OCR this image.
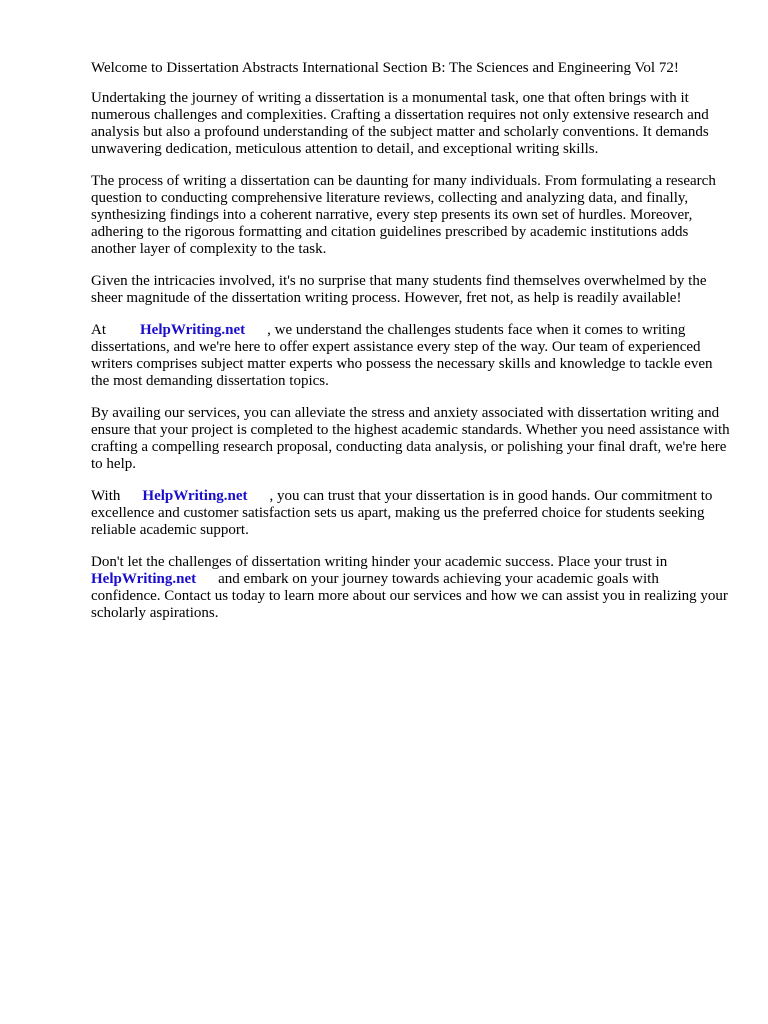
Welcome to Dissertation Abstracts International Section B: The Sciences and Engineering Vol 72!

Undertaking the journey of writing a dissertation is a monumental task, one that often brings with it numerous challenges and complexities. Crafting a dissertation requires not only extensive research and analysis but also a profound understanding of the subject matter and scholarly conventions. It demands unwavering dedication, meticulous attention to detail, and exceptional writing skills.

The process of writing a dissertation can be daunting for many individuals. From formulating a research question to conducting comprehensive literature reviews, collecting and analyzing data, and finally, synthesizing findings into a coherent narrative, every step presents its own set of hurdles. Moreover, adhering to the rigorous formatting and citation guidelines prescribed by academic institutions adds another layer of complexity to the task.

Given the intricacies involved, it's no surprise that many students find themselves overwhelmed by the sheer magnitude of the dissertation writing process. However, fret not, as help is readily available!

At HelpWriting.net , we understand the challenges students face when it comes to writing dissertations, and we're here to offer expert assistance every step of the way. Our team of experienced writers comprises subject matter experts who possess the necessary skills and knowledge to tackle even the most demanding dissertation topics.

By availing our services, you can alleviate the stress and anxiety associated with dissertation writing and ensure that your project is completed to the highest academic standards. Whether you need assistance with crafting a compelling research proposal, conducting data analysis, or polishing your final draft, we're here to help.

With HelpWriting.net , you can trust that your dissertation is in good hands. Our commitment to excellence and customer satisfaction sets us apart, making us the preferred choice for students seeking reliable academic support.

Don't let the challenges of dissertation writing hinder your academic success. Place your trust in HelpWriting.net and embark on your journey towards achieving your academic goals with confidence. Contact us today to learn more about our services and how we can assist you in realizing your scholarly aspirations.
